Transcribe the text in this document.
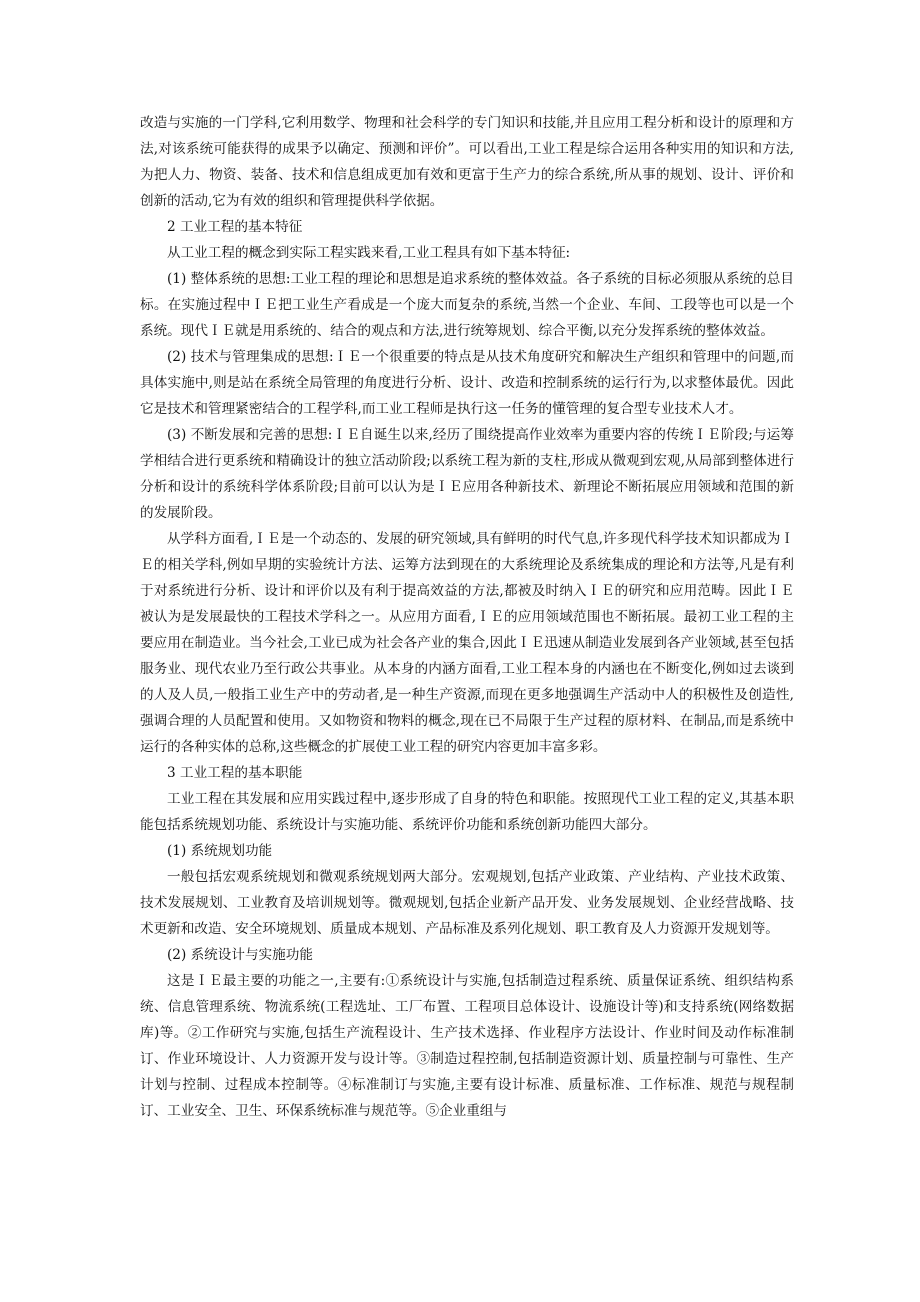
改造与实施的一门学科,它利用数学、物理和社会科学的专门知识和技能,并且应用工程分析和设计的原理和方法,对该系统可能获得的成果予以确定、预测和评价”。可以看出,工业工程是综合运用各种实用的知识和方法,为把人力、物资、装备、技术和信息组成更加有效和更富于生产力的综合系统,所从事的规划、设计、评价和创新的活动,它为有效的组织和管理提供科学依据。

2 工业工程的基本特征

从工业工程的概念到实际工程实践来看,工业工程具有如下基本特征:

(1) 整体系统的思想:工业工程的理论和思想是追求系统的整体效益。各子系统的目标必须服从系统的总目标。在实施过程中ＩＥ把工业生产看成是一个庞大而复杂的系统,当然一个企业、车间、工段等也可以是一个系统。现代ＩＥ就是用系统的、结合的观点和方法,进行统筹规划、综合平衡,以充分发挥系统的整体效益。

(2) 技术与管理集成的思想:ＩＥ一个很重要的特点是从技术角度研究和解决生产组织和管理中的问题,而具体实施中,则是站在系统全局管理的角度进行分析、设计、改造和控制系统的运行行为,以求整体最优。因此它是技术和管理紧密结合的工程学科,而工业工程师是执行这一任务的懂管理的复合型专业技术人才。

(3) 不断发展和完善的思想:ＩＥ自诞生以来,经历了围绕提高作业效率为重要内容的传统ＩＥ阶段;与运筹学相结合进行更系统和精确设计的独立活动阶段;以系统工程为新的支柱,形成从微观到宏观,从局部到整体进行分析和设计的系统科学体系阶段;目前可以认为是ＩＥ应用各种新技术、新理论不断拓展应用领域和范围的新的发展阶段。

从学科方面看,ＩＥ是一个动态的、发展的研究领域,具有鲜明的时代气息,许多现代科学技术知识都成为ＩＥ的相关学科,例如早期的实验统计方法、运筹方法到现在的大系统理论及系统集成的理论和方法等,凡是有利于对系统进行分析、设计和评价以及有利于提高效益的方法,都被及时纳入ＩＥ的研究和应用范畴。因此ＩＥ被认为是发展最快的工程技术学科之一。从应用方面看,ＩＥ的应用领域范围也不断拓展。最初工业工程的主要应用在制造业。当今社会,工业已成为社会各产业的集合,因此ＩＥ迅速从制造业发展到各产业领域,甚至包括服务业、现代农业乃至行政公共事业。从本身的内涵方面看,工业工程本身的内涵也在不断变化,例如过去谈到的人及人员,一般指工业生产中的劳动者,是一种生产资源,而现在更多地强调生产活动中人的积极性及创造性,强调合理的人员配置和使用。又如物资和物料的概念,现在已不局限于生产过程的原材料、在制品,而是系统中运行的各种实体的总称,这些概念的扩展使工业工程的研究内容更加丰富多彩。

3 工业工程的基本职能

工业工程在其发展和应用实践过程中,逐步形成了自身的特色和职能。按照现代工业工程的定义,其基本职能包括系统规划功能、系统设计与实施功能、系统评价功能和系统创新功能四大部分。

(1) 系统规划功能

一般包括宏观系统规划和微观系统规划两大部分。宏观规划,包括产业政策、产业结构、产业技术政策、技术发展规划、工业教育及培训规划等。微观规划,包括企业新产品开发、业务发展规划、企业经营战略、技术更新和改造、安全环境规划、质量成本规划、产品标准及系列化规划、职工教育及人力资源开发规划等。

(2) 系统设计与实施功能

这是ＩＥ最主要的功能之一,主要有:①系统设计与实施,包括制造过程系统、质量保证系统、组织结构系统、信息管理系统、物流系统(工程选址、工厂布置、工程项目总体设计、设施设计等)和支持系统(网络数据库)等。②工作研究与实施,包括生产流程设计、生产技术选择、作业程序方法设计、作业时间及动作标准制订、作业环境设计、人力资源开发与设计等。③制造过程控制,包括制造资源计划、质量控制与可靠性、生产计划与控制、过程成本控制等。④标准制订与实施,主要有设计标准、质量标准、工作标准、规范与规程制订、工业安全、卫生、环保系统标准与规范等。⑤企业重组与
